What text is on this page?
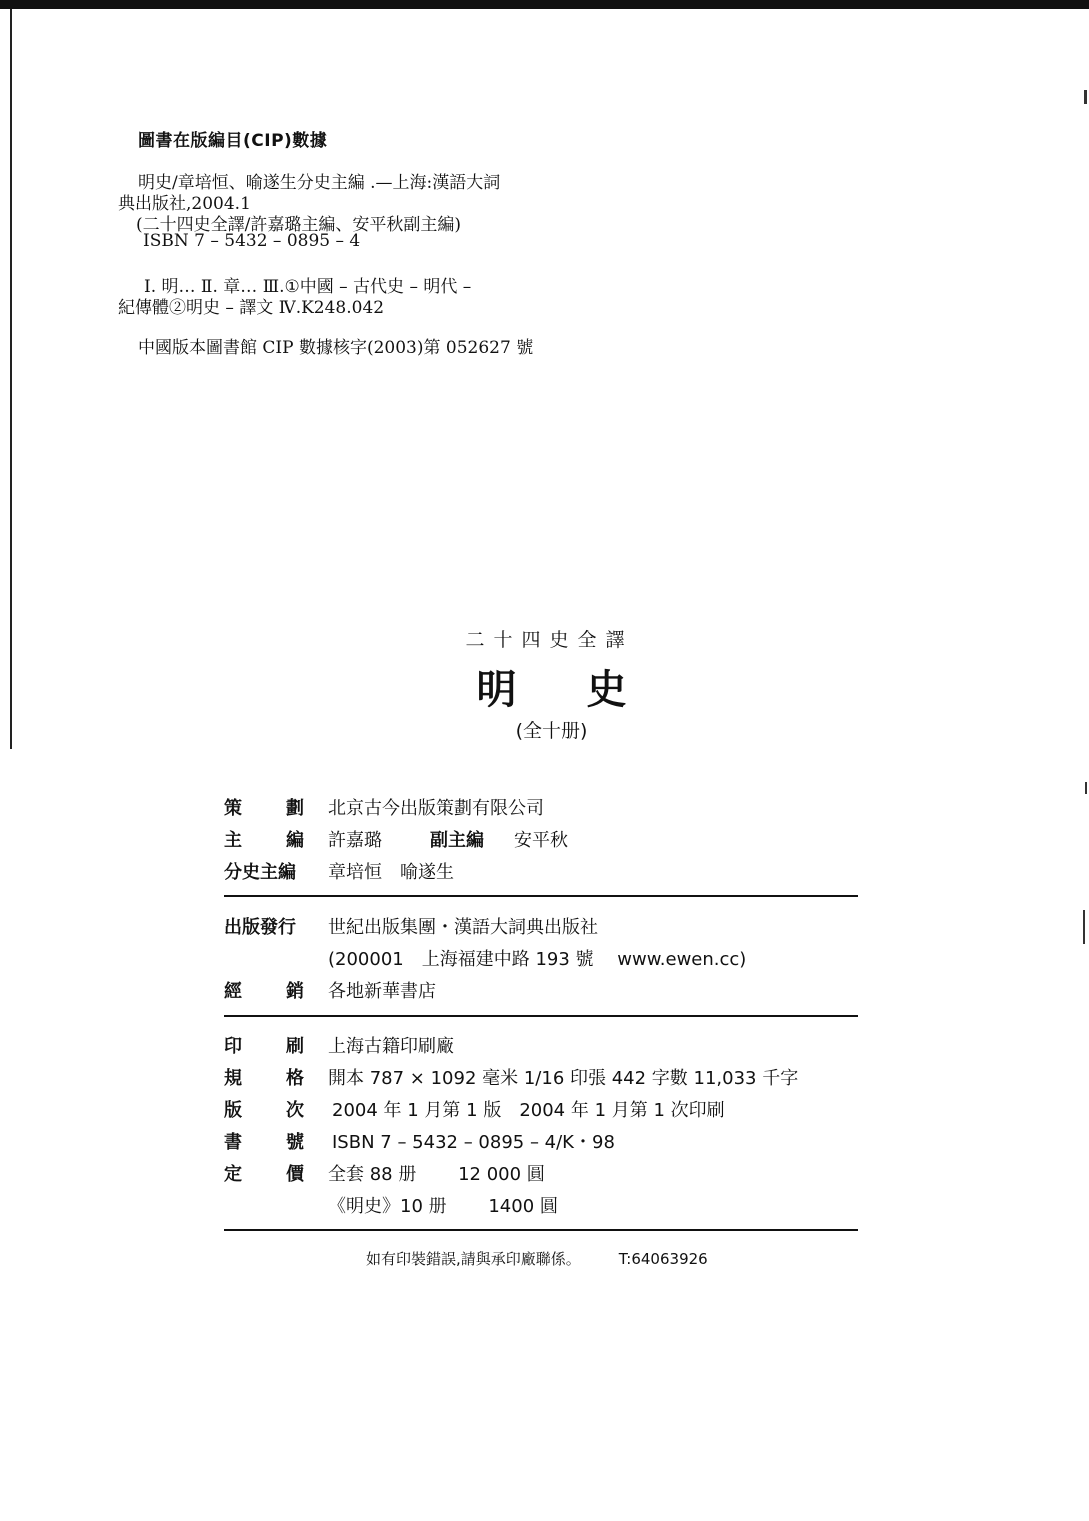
圖書在版編目(CIP)數據
明史/章培恒、喻遂生分史主編 .—上海:漢語大詞
典出版社,2004.1
(二十四史全譯/許嘉璐主編、安平秋副主編)
ISBN 7 – 5432 – 0895 – 4
Ⅰ. 明… Ⅱ. 章… Ⅲ.①中國 – 古代史 – 明代 –
紀傳體②明史 – 譯文 Ⅳ.K248.042
中國版本圖書館 CIP 數據核字(2003)第 052627 號
二十四史全譯
明史
(全十册)
策 劃 北京古今出版策劃有限公司
主 編 許嘉璐	副主編 安平秋
分史主編	章培恒　喻遂生
出版發行	世紀出版集團・漢語大詞典出版社
(200001　上海福建中路 193 號　 www.ewen.cc)
經 銷 各地新華書店
印 刷 上海古籍印刷廠
規 格 開本 787 × 1092 毫米 1/16 印張 442 字數 11,033 千字
版 次 2004 年 1 月第 1 版　2004 年 1 月第 1 次印刷
書 號 ISBN 7 – 5432 – 0895 – 4/K・98
定 價 全套 88 册　　 12 000 圓
《明史》10 册　　 1400 圓
如有印裝錯誤,請與承印廠聯係。	T:64063926
